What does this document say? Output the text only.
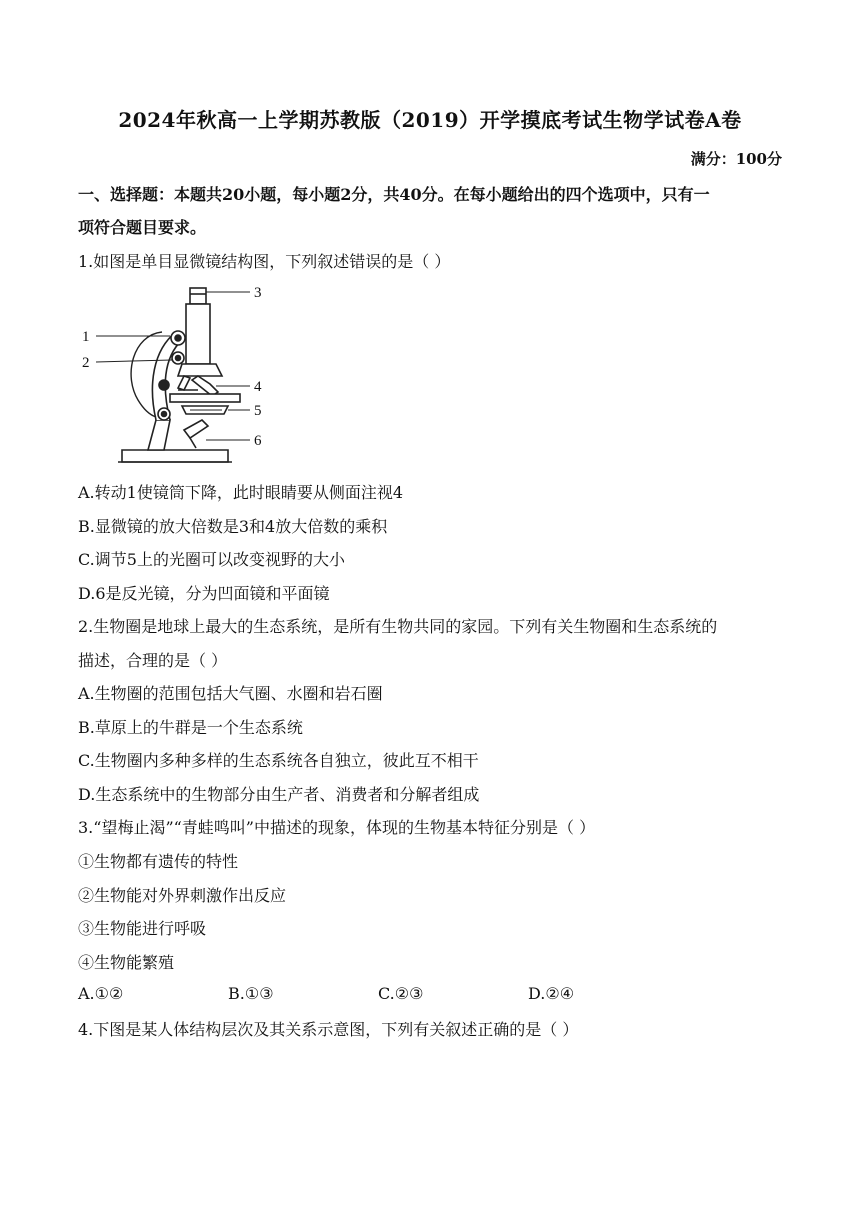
2024年秋高一上学期苏教版（2019）开学摸底考试生物学试卷A卷
满分：100分
一、选择题：本题共20小题，每小题2分，共40分。在每小题给出的四个选项中，只有一
项符合题目要求。
1.如图是单目显微镜结构图，下列叙述错误的是（ ）
1
2
3
4
5
6
A.转动1使镜筒下降，此时眼睛要从侧面注视4
B.显微镜的放大倍数是3和4放大倍数的乘积
C.调节5上的光圈可以改变视野的大小
D.6是反光镜，分为凹面镜和平面镜
2.生物圈是地球上最大的生态系统，是所有生物共同的家园。下列有关生物圈和生态系统的
描述，合理的是（ ）
A.生物圈的范围包括大气圈、水圈和岩石圈
B.草原上的牛群是一个生态系统
C.生物圈内多种多样的生态系统各自独立，彼此互不相干
D.生态系统中的生物部分由生产者、消费者和分解者组成
3.“望梅止渴”“青蛙鸣叫”中描述的现象，体现的生物基本特征分别是（ ）
①生物都有遗传的特性
②生物能对外界刺激作出反应
③生物能进行呼吸
④生物能繁殖
A.①②	B.①③	C.②③	D.②④
4.下图是某人体结构层次及其关系示意图，下列有关叙述正确的是（ ）
